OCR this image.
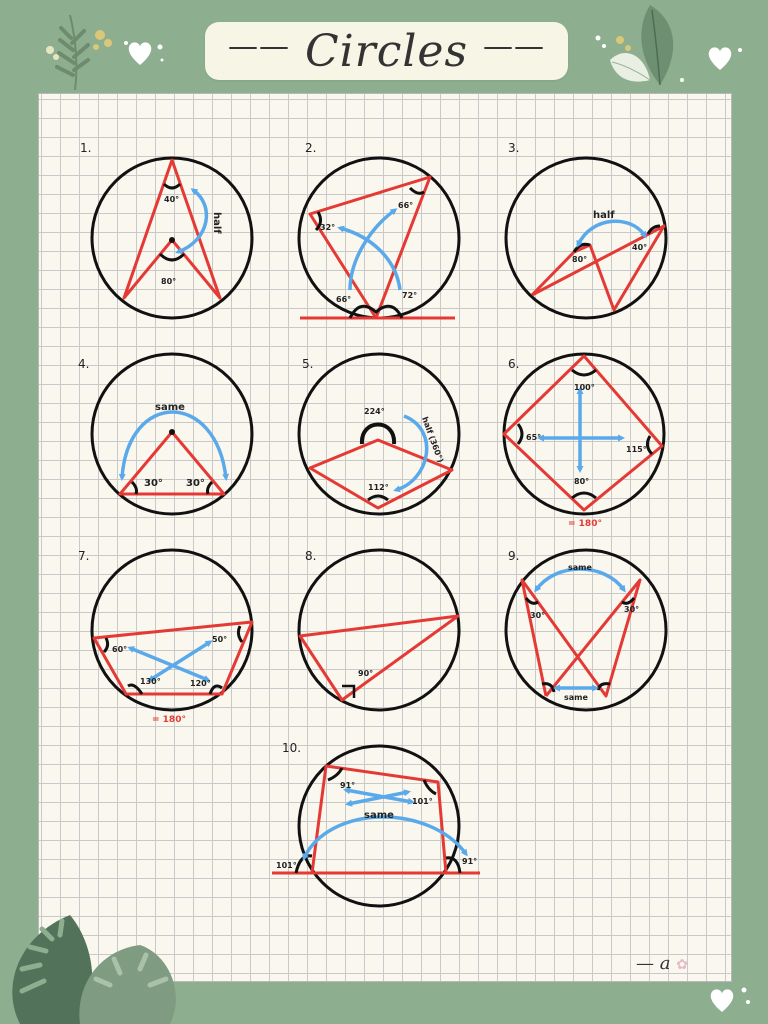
—— Circles ——
1.
40°
80°
half
2.
32°
66°
66°	72°
3.
half
80°
40°
4.
same
30° 30°
5.
224°
112°
half (360°)
6.
100°
65°
115°
80°
= 180°
7.
60°
50°
130°	120°
= 180°
8.
90°
9.
same
30°
30°
same
10.
91°
101°
same
101°	91°
— a ✿
